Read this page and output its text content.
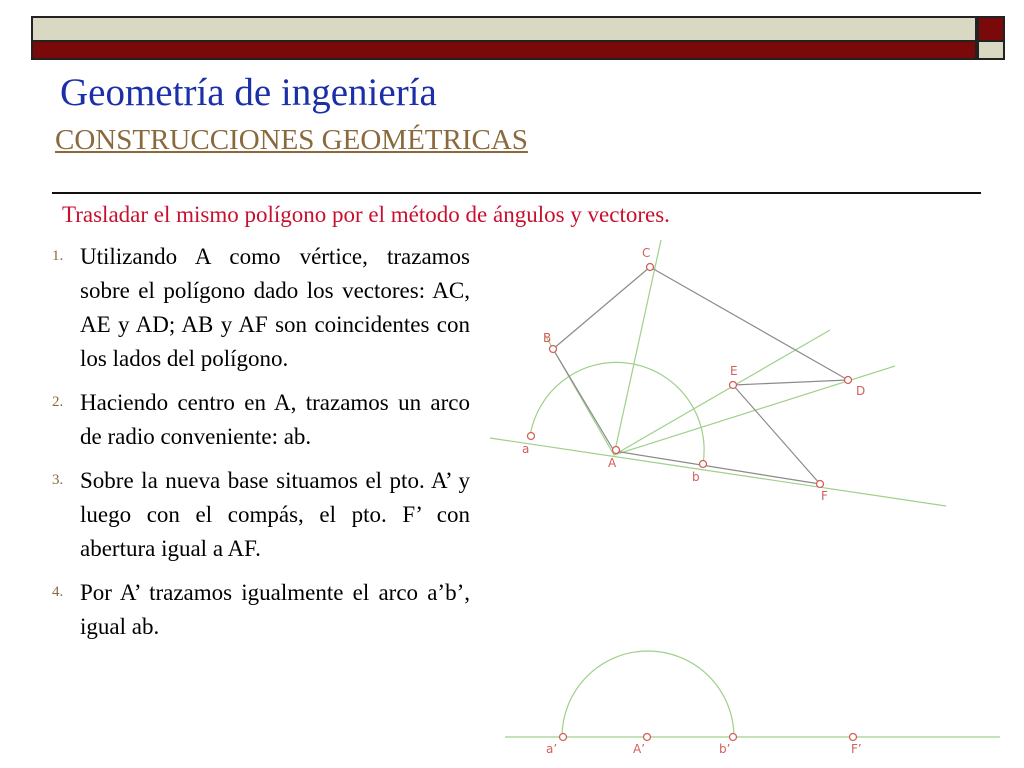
Geometría de ingeniería
CONSTRUCCIONES GEOMÉTRICAS
Trasladar el mismo polígono por el método de ángulos y vectores.
1. Utilizando A como vértice, trazamos sobre el polígono dado los vectores: AC, AE y AD; AB y AF son coincidentes con los lados del polígono.
2. Haciendo centro en A, trazamos un arco de radio conveniente: ab.
3. Sobre la nueva base situamos el pto. A’ y luego con el compás, el pto. F’ con abertura igual a AF.
4. Por A’ trazamos igualmente el arco a’b’, igual ab.
B
C
E
D
A
a
b
F
a’	A’	b’	F’
